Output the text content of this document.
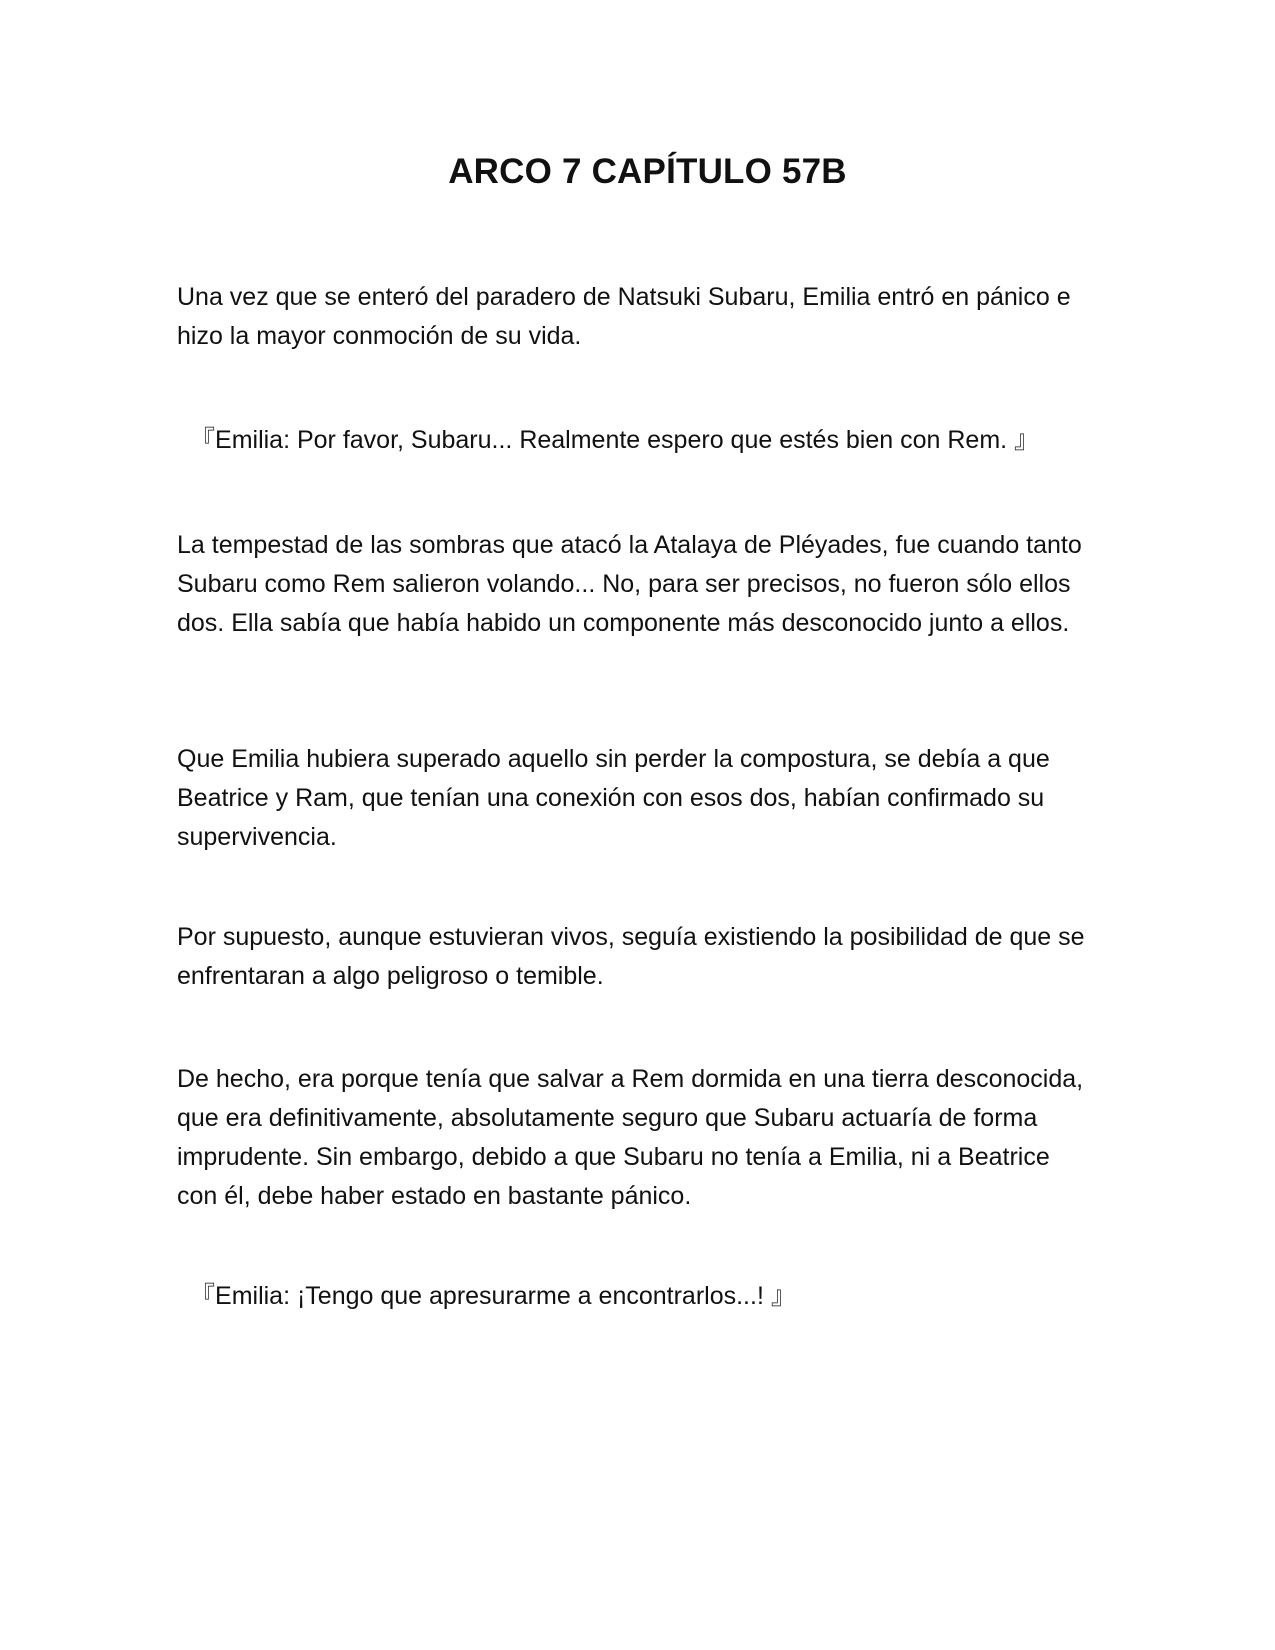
ARCO 7 CAPÍTULO 57B

Una vez que se enteró del paradero de Natsuki Subaru, Emilia entró en pánico e hizo la mayor conmoción de su vida.

『Emilia: Por favor, Subaru... Realmente espero que estés bien con Rem. 』

La tempestad de las sombras que atacó la Atalaya de Pléyades, fue cuando tanto Subaru como Rem salieron volando... No, para ser precisos, no fueron sólo ellos dos. Ella sabía que había habido un componente más desconocido junto a ellos.

Que Emilia hubiera superado aquello sin perder la compostura, se debía a que Beatrice y Ram, que tenían una conexión con esos dos, habían confirmado su supervivencia.

Por supuesto, aunque estuvieran vivos, seguía existiendo la posibilidad de que se enfrentaran a algo peligroso o temible.

De hecho, era porque tenía que salvar a Rem dormida en una tierra desconocida, que era definitivamente, absolutamente seguro que Subaru actuaría de forma imprudente. Sin embargo, debido a que Subaru no tenía a Emilia, ni a Beatrice con él, debe haber estado en bastante pánico.

『Emilia: ¡Tengo que apresurarme a encontrarlos...! 』
